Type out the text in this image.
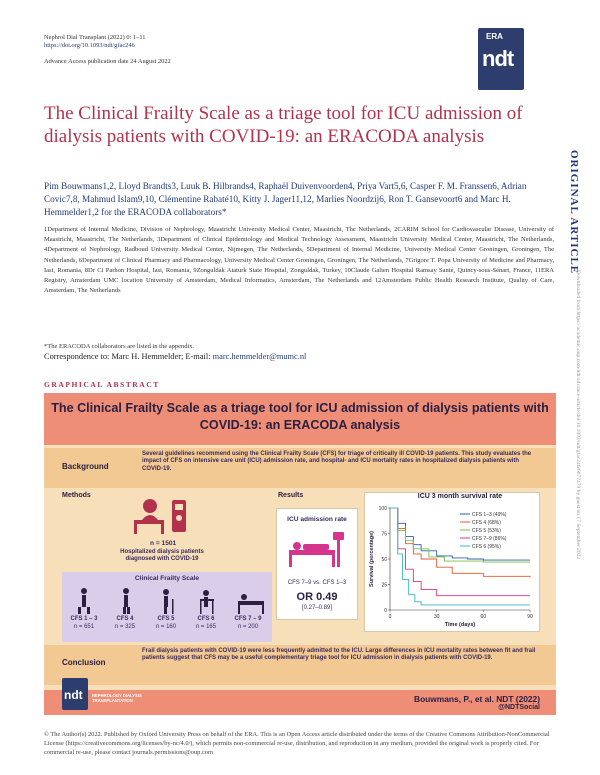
Nephrol Dial Transplant (2022) 0: 1–11
https://doi.org/10.1093/ndt/gfac246
Advance Access publication date 24 August 2022
ERA
ndt
ORIGINAL ARTICLE
Downloaded from https://academic.oup.com/ndt/advance-article/doi/10.1093/ndt/gfac246/6677479 by guest on 17 September 2022
The Clinical Frailty Scale as a triage tool for ICU admission of dialysis patients with COVID-19: an ERACODA analysis
Pim Bouwmans1,2, Lloyd Brandts3, Luuk B. Hilbrands4, Raphaël Duivenvoorden4, Priya Vart5,6, Casper F. M. Franssen6, Adrian Covic7,8, Mahmud Islam9,10, Clémentine Rabaté10, Kitty J. Jager11,12, Marlies Noordzij6, Ron T. Gansevoort6 and Marc H. Hemmelder1,2 for the ERACODA collaborators*
1Department of Internal Medicine, Division of Nephrology, Maastricht University Medical Center, Maastricht, The Netherlands, 2CARIM School for Cardiovascular Disease, University of Maastricht, Maastricht, The Netherlands, 3Department of Clinical Epidemiology and Medical Technology Assessment, Maastricht University Medical Center, Maastricht, The Netherlands, 4Department of Nephrology, Radboud University Medical Center, Nijmegen, The Netherlands, 5Department of Internal Medicine, University Medical Center Groningen, Groningen, The Netherlands, 6Department of Clinical Pharmacy and Pharmacology, University Medical Center Groningen, Groningen, The Netherlands, 7Grigore T. Popa University of Medicine and Pharmacy, Iasi, Romania, 8Dr Ci Parhon Hospital, Iasi, Romania, 9Zonguldak Ataturk State Hospital, Zonguldak, Turkey, 10Claude Galien Hospital Ramsay Santé, Quincy-sous-Sénart, France, 11ERA Registry, Amsterdam UMC location University of Amsterdam, Medical Informatics, Amsterdam, The Netherlands and 12Amsterdam Public Health Research Institute, Quality of Care, Amsterdam, The Netherlands
*The ERACODA collaborators are listed in the appendix.
Correspondence to: Marc H. Hemmelder; E-mail: marc.hemmelder@mumc.nl
GRAPHICAL ABSTRACT
The Clinical Frailty Scale as a triage tool for ICU admission of dialysis patients with COVID-19: an ERACODA analysis
Background
Several guidelines recommend using the Clinical Frailty Scale (CFS) for triage of critically ill COVID-19 patients. This study evaluates the impact of CFS on intensive care unit (ICU) admission rate, and hospital- and ICU mortality rates in hospitalized dialysis patients with COVID-19.
Methods
n = 1501
Hospitalized dialysis patients diagnosed with COVID-19
Clinical Frailty Scale
CFS 1 – 3
n = 651
CFS 4
n = 325
CFS 5
n = 160
CFS 6
n = 165
CFS 7 – 9
n = 200
Results
ICU admission rate
CFS 7–9 vs. CFS 1–3
OR 0.49
[0.27–0.89]
ICU 3 month survival rate
0
25
50
75
100
0	30	60	90
Time (days)
Survival (percentage)
CFS 1–3 (49%)
CFS 4 (68%)
CFS 5 (53%)
CFS 7–9 (86%)
CFS 6 (95%)
Conclusion
Frail dialysis patients with COVID-19 were less frequently admitted to the ICU. Large differences in ICU mortality rates between fit and frail patients suggest that CFS may be a useful complementary triage tool for ICU admission in dialysis patients with COVID-19.
ndt NEPHROLOGY DIALYSIS TRANSPLANTATION	Bouwmans, P., et al. NDT (2022)
@NDTSocial
© The Author(s) 2022. Published by Oxford University Press on behalf of the ERA. This is an Open Access article distributed under the terms of the Creative Commons Attribution-NonCommercial License (https://creativecommons.org/licenses/by-nc/4.0/), which permits non-commercial re-use, distribution, and reproduction in any medium, provided the original work is properly cited. For commercial re-use, please contact journals.permissions@oup.com
